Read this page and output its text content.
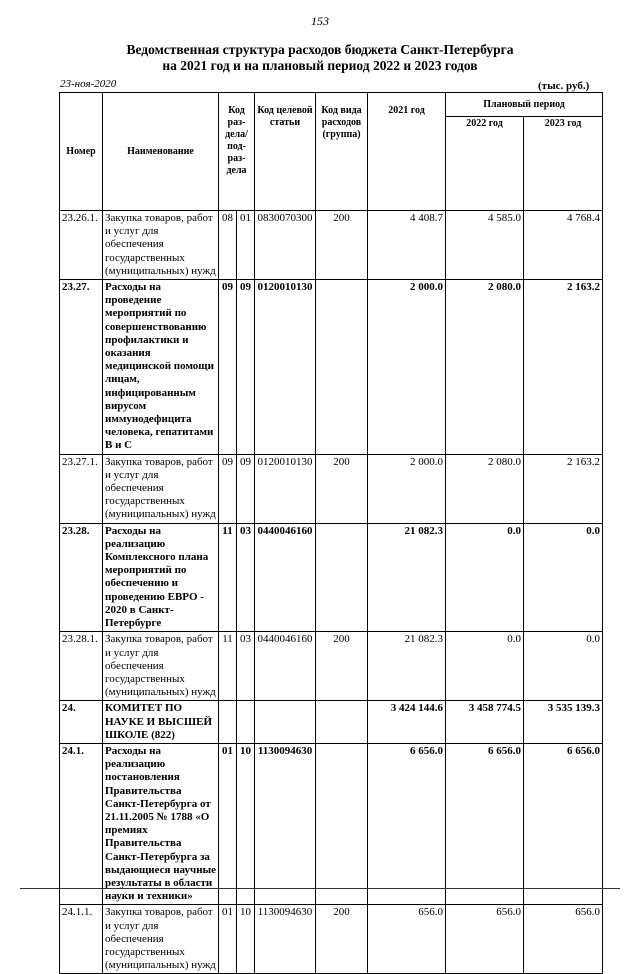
153
Ведомственная структура расходов бюджета Санкт-Петербурга
на 2021 год и на плановый период 2022 и 2023 годов
23-ноя-2020	(тыс. руб.)
Номер	Наименование	Код раз-дела/ под-раз-дела		Код целевой статьи	Код вида расходов (группа)	2021 год	Плановый период	
							2022 год	2023 год
23.26.1.	Закупка товаров, работ и услуг для обеспечения государственных (муниципальных) нужд	08	01	0830070300	200	4 408.7	4 585.0	4 768.4
23.27.	Расходы на проведение мероприятий по совершенствованию профилактики и оказания медицинской помощи лицам, инфицированным вирусом иммунодефицита человека, гепатитами В и С	09	09	0120010130		2 000.0	2 080.0	2 163.2
23.27.1.	Закупка товаров, работ и услуг для обеспечения государственных (муниципальных) нужд	09	09	0120010130	200	2 000.0	2 080.0	2 163.2
23.28.	Расходы на реализацию Комплексного плана мероприятий по обеспечению и проведению ЕВРО - 2020 в Санкт-Петербурге	11	03	0440046160		21 082.3	0.0	0.0
23.28.1.	Закупка товаров, работ и услуг для обеспечения государственных (муниципальных) нужд	11	03	0440046160	200	21 082.3	0.0	0.0
24.	КОМИТЕТ ПО НАУКЕ И ВЫСШЕЙ ШКОЛЕ (822)					3 424 144.6	3 458 774.5	3 535 139.3
24.1.	Расходы на реализацию постановления Правительства Санкт-Петербурга от 21.11.2005 № 1788 «О премиях Правительства Санкт-Петербурга за выдающиеся научные результаты в области науки и техники»	01	10	1130094630		6 656.0	6 656.0	6 656.0
24.1.1.	Закупка товаров, работ и услуг для обеспечения государственных (муниципальных) нужд	01	10	1130094630	200	656.0	656.0	656.0
